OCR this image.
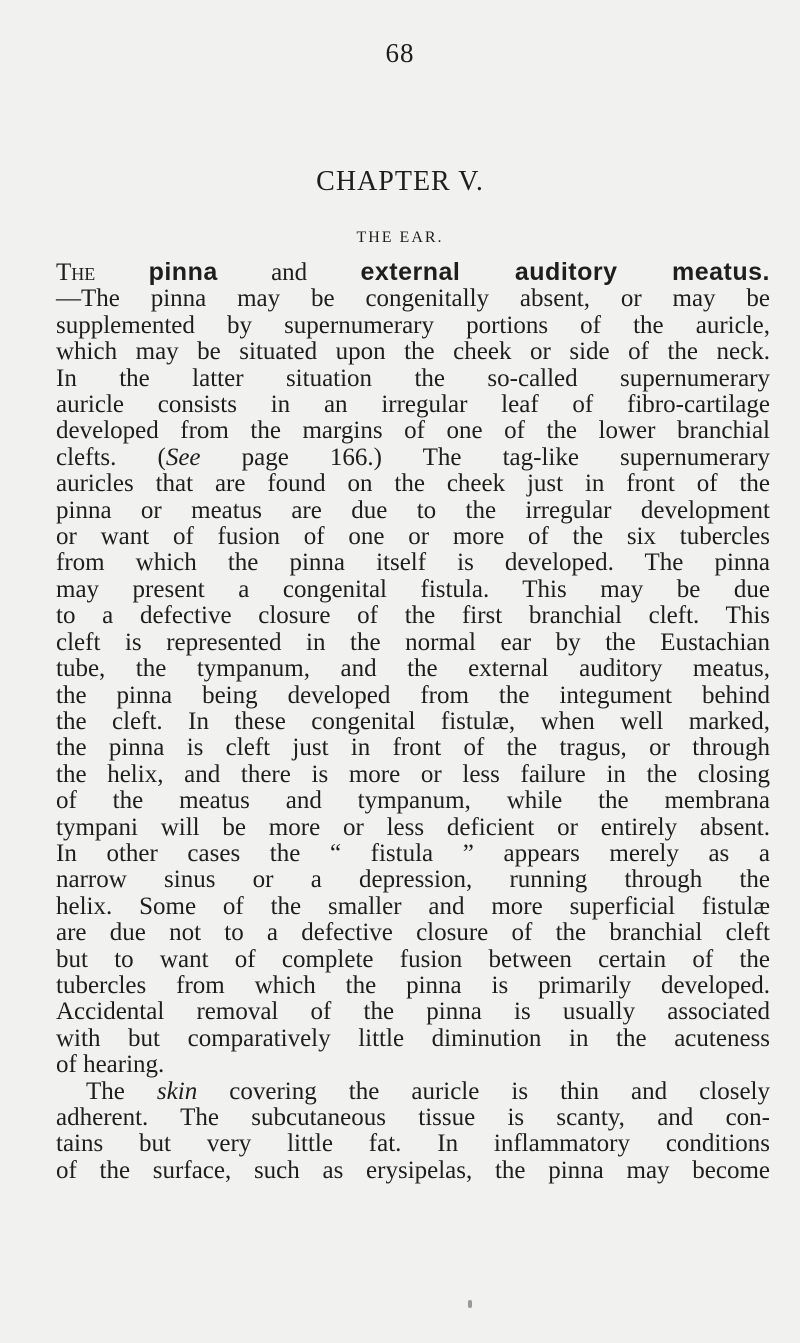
68
CHAPTER V.
THE EAR.
The pinna and external auditory meatus.
—The pinna may be congenitally absent, or may be
supplemented by supernumerary portions of the auricle,
which may be situated upon the cheek or side of the neck.
In the latter situation the so-called supernumerary
auricle consists in an irregular leaf of fibro-cartilage
developed from the margins of one of the lower branchial
clefts. (See page 166.) The tag-like supernumerary
auricles that are found on the cheek just in front of the
pinna or meatus are due to the irregular development
or want of fusion of one or more of the six tubercles
from which the pinna itself is developed. The pinna
may present a congenital fistula. This may be due
to a defective closure of the first branchial cleft. This
cleft is represented in the normal ear by the Eustachian
tube, the tympanum, and the external auditory meatus,
the pinna being developed from the integument behind
the cleft. In these congenital fistulæ, when well marked,
the pinna is cleft just in front of the tragus, or through
the helix, and there is more or less failure in the closing
of the meatus and tympanum, while the membrana
tympani will be more or less deficient or entirely absent.
In other cases the “ fistula ” appears merely as a
narrow sinus or a depression, running through the
helix. Some of the smaller and more superficial fistulæ
are due not to a defective closure of the branchial cleft
but to want of complete fusion between certain of the
tubercles from which the pinna is primarily developed.
Accidental removal of the pinna is usually associated
with but comparatively little diminution in the acuteness
of hearing.
The skin covering the auricle is thin and closely
adherent. The subcutaneous tissue is scanty, and con-
tains but very little fat. In inflammatory conditions
of the surface, such as erysipelas, the pinna may become
